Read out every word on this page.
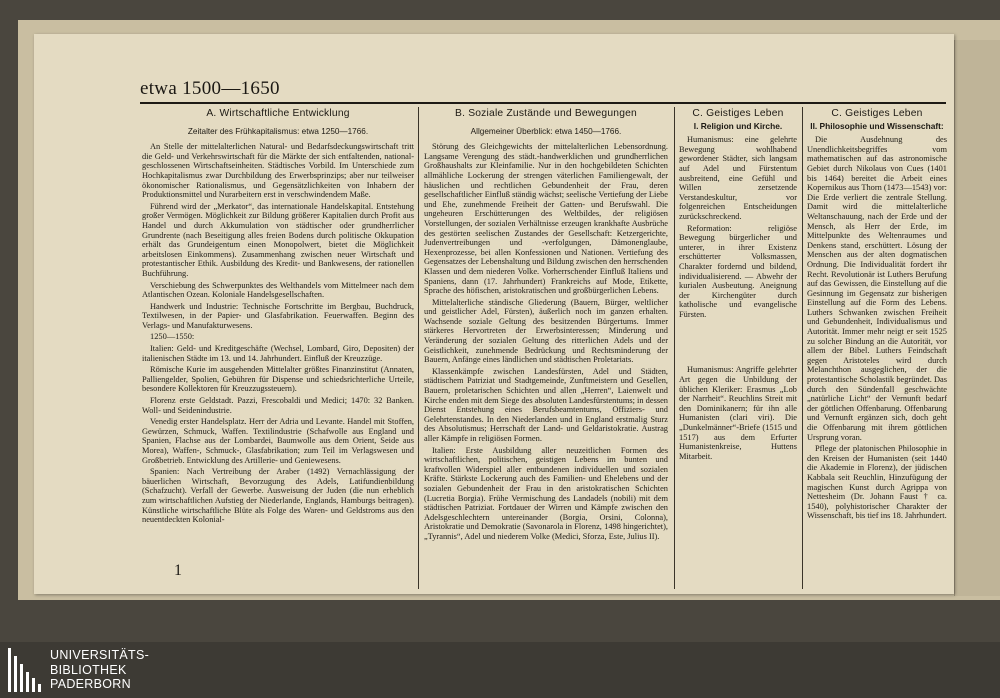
etwa 1500—1650
A. Wirtschaftliche Entwicklung

Zeitalter des Frühkapitalismus: etwa 1250—1766.

An Stelle der mittelalterlichen Natural- und Bedarfsdeckungswirtschaft tritt die Geld- und Verkehrswirtschaft für die Märkte der sich entfaltenden, national-geschlossenen Wirtschaftseinheiten. Städtisches Vorbild. Im Unterschiede zum Hochkapitalismus zwar Durchbildung des Erwerbsprinzips; aber nur teilweiser ökonomischer Rationalismus, und Gegensätzlichkeiten von Inhabern der Produktionsmittel und Nurarbeitern erst in verschwindendem Maße.

Führend wird der „Merkator“, das internationale Handelskapital. Entstehung großer Vermögen. Möglichkeit zur Bildung größerer Kapitalien durch Profit aus Handel und durch Akkumulation von städtischer oder grundherrlicher Grundrente (nach Beseitigung alles freien Bodens durch politische Okkupation erhält das Grundeigentum einen Monopolwert, bietet die Möglichkeit arbeitslosen Einkommens). Zusammenhang zwischen neuer Wirtschaft und protestantischer Ethik. Ausbildung des Kredit- und Bankwesens, der rationellen Buchführung.

Verschiebung des Schwerpunktes des Welthandels vom Mittelmeer nach dem Atlantischen Ozean. Koloniale Handelsgesellschaften.

Handwerk und Industrie: Technische Fortschritte im Bergbau, Buchdruck, Textilwesen, in der Papier- und Glasfabrikation. Feuerwaffen. Beginn des Verlags- und Manufakturwesens.

1250—1550:

Italien: Geld- und Kreditgeschäfte (Wechsel, Lombard, Giro, Depositen) der italienischen Städte im 13. und 14. Jahrhundert. Einfluß der Kreuzzüge.

Römische Kurie im ausgehenden Mittelalter größtes Finanzinstitut (Annaten, Palliengelder, Spolien, Gebühren für Dispense und schiedsrichterliche Urteile, besondere Kollektoren für Kreuzzugssteuern).

Florenz erste Geldstadt. Pazzi, Frescobaldi und Medici; 1470: 32 Banken. Woll- und Seidenindustrie.

Venedig erster Handelsplatz. Herr der Adria und Levante. Handel mit Stoffen, Gewürzen, Schmuck, Waffen. Textilindustrie (Schafwolle aus England und Spanien, Flachse aus der Lombardei, Baumwolle aus dem Orient, Seide aus Morea), Waffen-, Schmuck-, Glasfabrikation; zum Teil im Verlagswesen und Großbetrieb. Entwicklung des Artillerie- und Geniewesens.

Spanien: Nach Vertreibung der Araber (1492) Vernachlässigung der bäuerlichen Wirtschaft, Bevorzugung des Adels, Latifundienbildung (Schafzucht). Verfall der Gewerbe. Ausweisung der Juden (die nun erheblich zum wirtschaftlichen Aufstieg der Niederlande, Englands, Hamburgs beitragen). Künstliche wirtschaftliche Blüte als Folge des Waren- und Geldstroms aus den neuentdeckten Kolonial-

B. Soziale Zustände und Bewegungen

Allgemeiner Überblick: etwa 1450—1766.

Störung des Gleichgewichts der mittelalterlichen Lebensordnung. Langsame Verengung des städt.-handwerklichen und grundherrlichen Großhaushalts zur Kleinfamilie. Nur in den hochgebildeten Schichten allmähliche Lockerung der strengen väterlichen Familiengewalt, der häuslichen und rechtlichen Gebundenheit der Frau, deren gesellschaftlicher Einfluß ständig wächst; seelische Vertiefung der Liebe und Ehe, zunehmende Freiheit der Gatten- und Berufswahl. Die ungeheuren Erschütterungen des Weltbildes, der religiösen Vorstellungen, der sozialen Verhältnisse erzeugen krankhafte Ausbrüche des gestörten seelischen Zustandes der Gesellschaft: Ketzergerichte, Judenvertreibungen und -verfolgungen, Dämonenglaube, Hexenprozesse, bei allen Konfessionen und Nationen. Vertiefung des Gegensatzes der Lebenshaltung und Bildung zwischen den herrschenden Klassen und dem niederen Volke. Vorherrschender Einfluß Italiens und Spaniens, dann (17. Jahrhundert) Frankreichs auf Mode, Etikette, Sprache des höfischen, aristokratischen und großbürgerlichen Lebens.

Mittelalterliche ständische Gliederung (Bauern, Bürger, weltlicher und geistlicher Adel, Fürsten), äußerlich noch im ganzen erhalten. Wachsende soziale Geltung des besitzenden Bürgertums. Immer stärkeres Hervortreten der Erwerbsinteressen; Minderung und Veränderung der sozialen Geltung des ritterlichen Adels und der Geistlichkeit, zunehmende Bedrückung und Rechtsminderung der Bauern, Anfänge eines ländlichen und städtischen Proletariats.

Klassenkämpfe zwischen Landesfürsten, Adel und Städten, städtischem Patriziat und Stadtgemeinde, Zunftmeistern und Gesellen, Bauern, proletarischen Schichten und allen „Herren“, Laienwelt und Kirche enden mit dem Siege des absoluten Landesfürstentums; in dessen Dienst Entstehung eines Berufsbeamtentums, Offiziers- und Gelehrtenstandes. In den Niederlanden und in England erstmalig Sturz des Absolutismus; Herrschaft der Land- und Geldaristokratie. Austrag aller Kämpfe in religiösen Formen.

Italien: Erste Ausbildung aller neuzeitlichen Formen des wirtschaftlichen, politischen, geistigen Lebens im bunten und kraftvollen Widerspiel aller entbundenen individuellen und sozialen Kräfte. Stärkste Lockerung auch des Familien- und Ehelebens und der sozialen Gebundenheit der Frau in den aristokratischen Schichten (Lucretia Borgia). Frühe Vermischung des Landadels (nobili) mit dem städtischen Patriziat. Fortdauer der Wirren und Kämpfe zwischen den Adelsgeschlechtern untereinander (Borgia, Orsini, Colonna), Aristokratie und Demokratie (Savonarola in Florenz, 1498 hingerichtet), „Tyrannis“, Adel und niederem Volke (Medici, Sforza, Este, Julius II).

C. Geistiges Leben
I. Religion und Kirche.

Humanismus: eine gelehrte Bewegung wohlhabend gewordener Städter, sich langsam auf Adel und Fürstentum ausbreitend, eine Gefühl und Willen zersetzende Verstandeskultur, vor folgenreichen Entscheidungen zurückschreckend.

Reformation: religiöse Bewegung bürgerlicher und unterer, in ihrer Existenz erschütterter Volksmassen, Charakter fordernd und bildend, individualisierend. — Abwehr der kurialen Ausbeutung. Aneignung der Kirchengüter durch katholische und evangelische Fürsten.

Humanismus: Angriffe gelehrter Art gegen die Unbildung der üblichen Kleriker: Erasmus „Lob der Narrheit“. Reuchlins Streit mit den Dominikanern; für ihn alle Humanisten (clari viri). Die „Dunkelmänner“-Briefe (1515 und 1517) aus dem Erfurter Humanistenkreise, Huttens Mitarbeit.

C. Geistiges Leben
II. Philosophie und Wissenschaft:

Die Ausdehnung des Unendlichkeitsbegriffes vom mathematischen auf das astronomische Gebiet durch Nikolaus von Cues (1401 bis 1464) bereitet die Arbeit eines Kopernikus aus Thorn (1473—1543) vor: Die Erde verliert die zentrale Stellung. Damit wird die mittelalterliche Weltanschauung, nach der Erde und der Mensch, als Herr der Erde, im Mittelpunkte des Weltenraumes und Denkens stand, erschüttert. Lösung der Menschen aus der alten dogmatischen Ordnung. Die Individualität fordert ihr Recht. Revolutionär ist Luthers Berufung auf das Gewissen, die Einstellung auf die Gesinnung im Gegensatz zur bisherigen Einstellung auf die Form des Lebens. Luthers Schwanken zwischen Freiheit und Gebundenheit, Individualismus und Autorität. Immer mehr neigt er seit 1525 zu solcher Bindung an die Autorität, vor allem der Bibel. Luthers Feindschaft gegen Aristoteles wird durch Melanchthon ausgeglichen, der die protestantische Scholastik begründet. Das durch den Sündenfall geschwächte „natürliche Licht“ der Vernunft bedarf der göttlichen Offenbarung. Offenbarung und Vernunft ergänzen sich, doch geht die Offenbarung mit ihrem göttlichen Ursprung voran.

Pflege der platonischen Philosophie in den Kreisen der Humanisten (seit 1440 die Akademie in Florenz), der jüdischen Kabbala seit Reuchlin, Hinzufügung der magischen Kunst durch Agrippa von Nettesheim (Dr. Johann Faust † ca. 1540), polyhistorischer Charakter der Wissenschaft, bis tief ins 18. Jahrhundert.

1
UNIVERSITÄTS-
BIBLIOTHEK
PADERBORN
